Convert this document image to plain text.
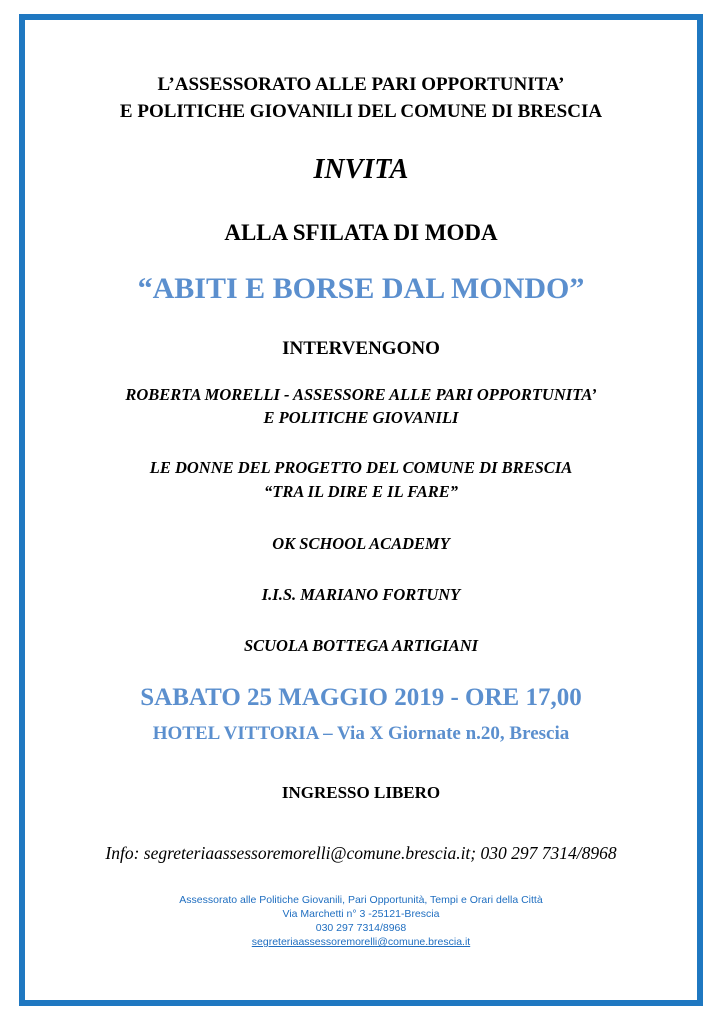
L’ASSESSORATO ALLE PARI OPPORTUNITA’
E POLITICHE GIOVANILI DEL COMUNE DI BRESCIA
INVITA
ALLA SFILATA DI MODA
“ABITI E BORSE DAL MONDO”
INTERVENGONO
ROBERTA MORELLI - ASSESSORE ALLE PARI OPPORTUNITA’
E POLITICHE GIOVANILI
LE DONNE DEL PROGETTO DEL COMUNE DI BRESCIA
“TRA IL DIRE E IL FARE”
OK SCHOOL ACADEMY
I.I.S. MARIANO FORTUNY
SCUOLA BOTTEGA ARTIGIANI
SABATO 25 MAGGIO 2019 - ORE 17,00
HOTEL VITTORIA – Via X Giornate n.20, Brescia
INGRESSO LIBERO
Info: segreteriaassessoremorelli@comune.brescia.it; 030 297 7314/8968
Assessorato alle Politiche Giovanili, Pari Opportunità, Tempi e Orari della Città
Via Marchetti n° 3 -25121-Brescia
030 297 7314/8968
segreteriaassessoremorelli@comune.brescia.it
